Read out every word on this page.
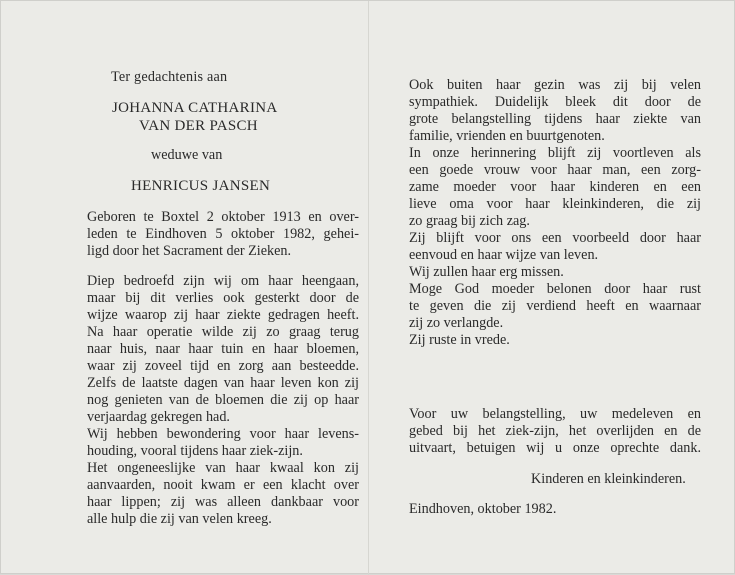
Ter gedachtenis aan
JOHANNA CATHARINA
VAN DER PASCH
weduwe van
HENRICUS JANSEN
Geboren te Boxtel 2 oktober 1913 en over-
leden te Eindhoven 5 oktober 1982, gehei-
ligd door het Sacrament der Zieken.
Diep bedroefd zijn wij om haar heengaan,
maar bij dit verlies ook gesterkt door de
wijze waarop zij haar ziekte gedragen heeft.
Na haar operatie wilde zij zo graag terug
naar huis, naar haar tuin en haar bloemen,
waar zij zoveel tijd en zorg aan besteedde.
Zelfs de laatste dagen van haar leven kon zij
nog genieten van de bloemen die zij op haar
verjaardag gekregen had.
Wij hebben bewondering voor haar levens-
houding, vooral tijdens haar ziek-zijn.
Het ongeneeslijke van haar kwaal kon zij
aanvaarden, nooit kwam er een klacht over
haar lippen; zij was alleen dankbaar voor
alle hulp die zij van velen kreeg.
Ook buiten haar gezin was zij bij velen
sympathiek. Duidelijk bleek dit door de
grote belangstelling tijdens haar ziekte van
familie, vrienden en buurtgenoten.
In onze herinnering blijft zij voortleven als
een goede vrouw voor haar man, een zorg-
zame moeder voor haar kinderen en een
lieve oma voor haar kleinkinderen, die zij
zo graag bij zich zag.
Zij blijft voor ons een voorbeeld door haar
eenvoud en haar wijze van leven.
Wij zullen haar erg missen.
Moge God moeder belonen door haar rust
te geven die zij verdiend heeft en waarnaar
zij zo verlangde.
Zij ruste in vrede.
Voor uw belangstelling, uw medeleven en
gebed bij het ziek-zijn, het overlijden en de
uitvaart, betuigen wij u onze oprechte dank.
Kinderen en kleinkinderen.
Eindhoven, oktober 1982.
